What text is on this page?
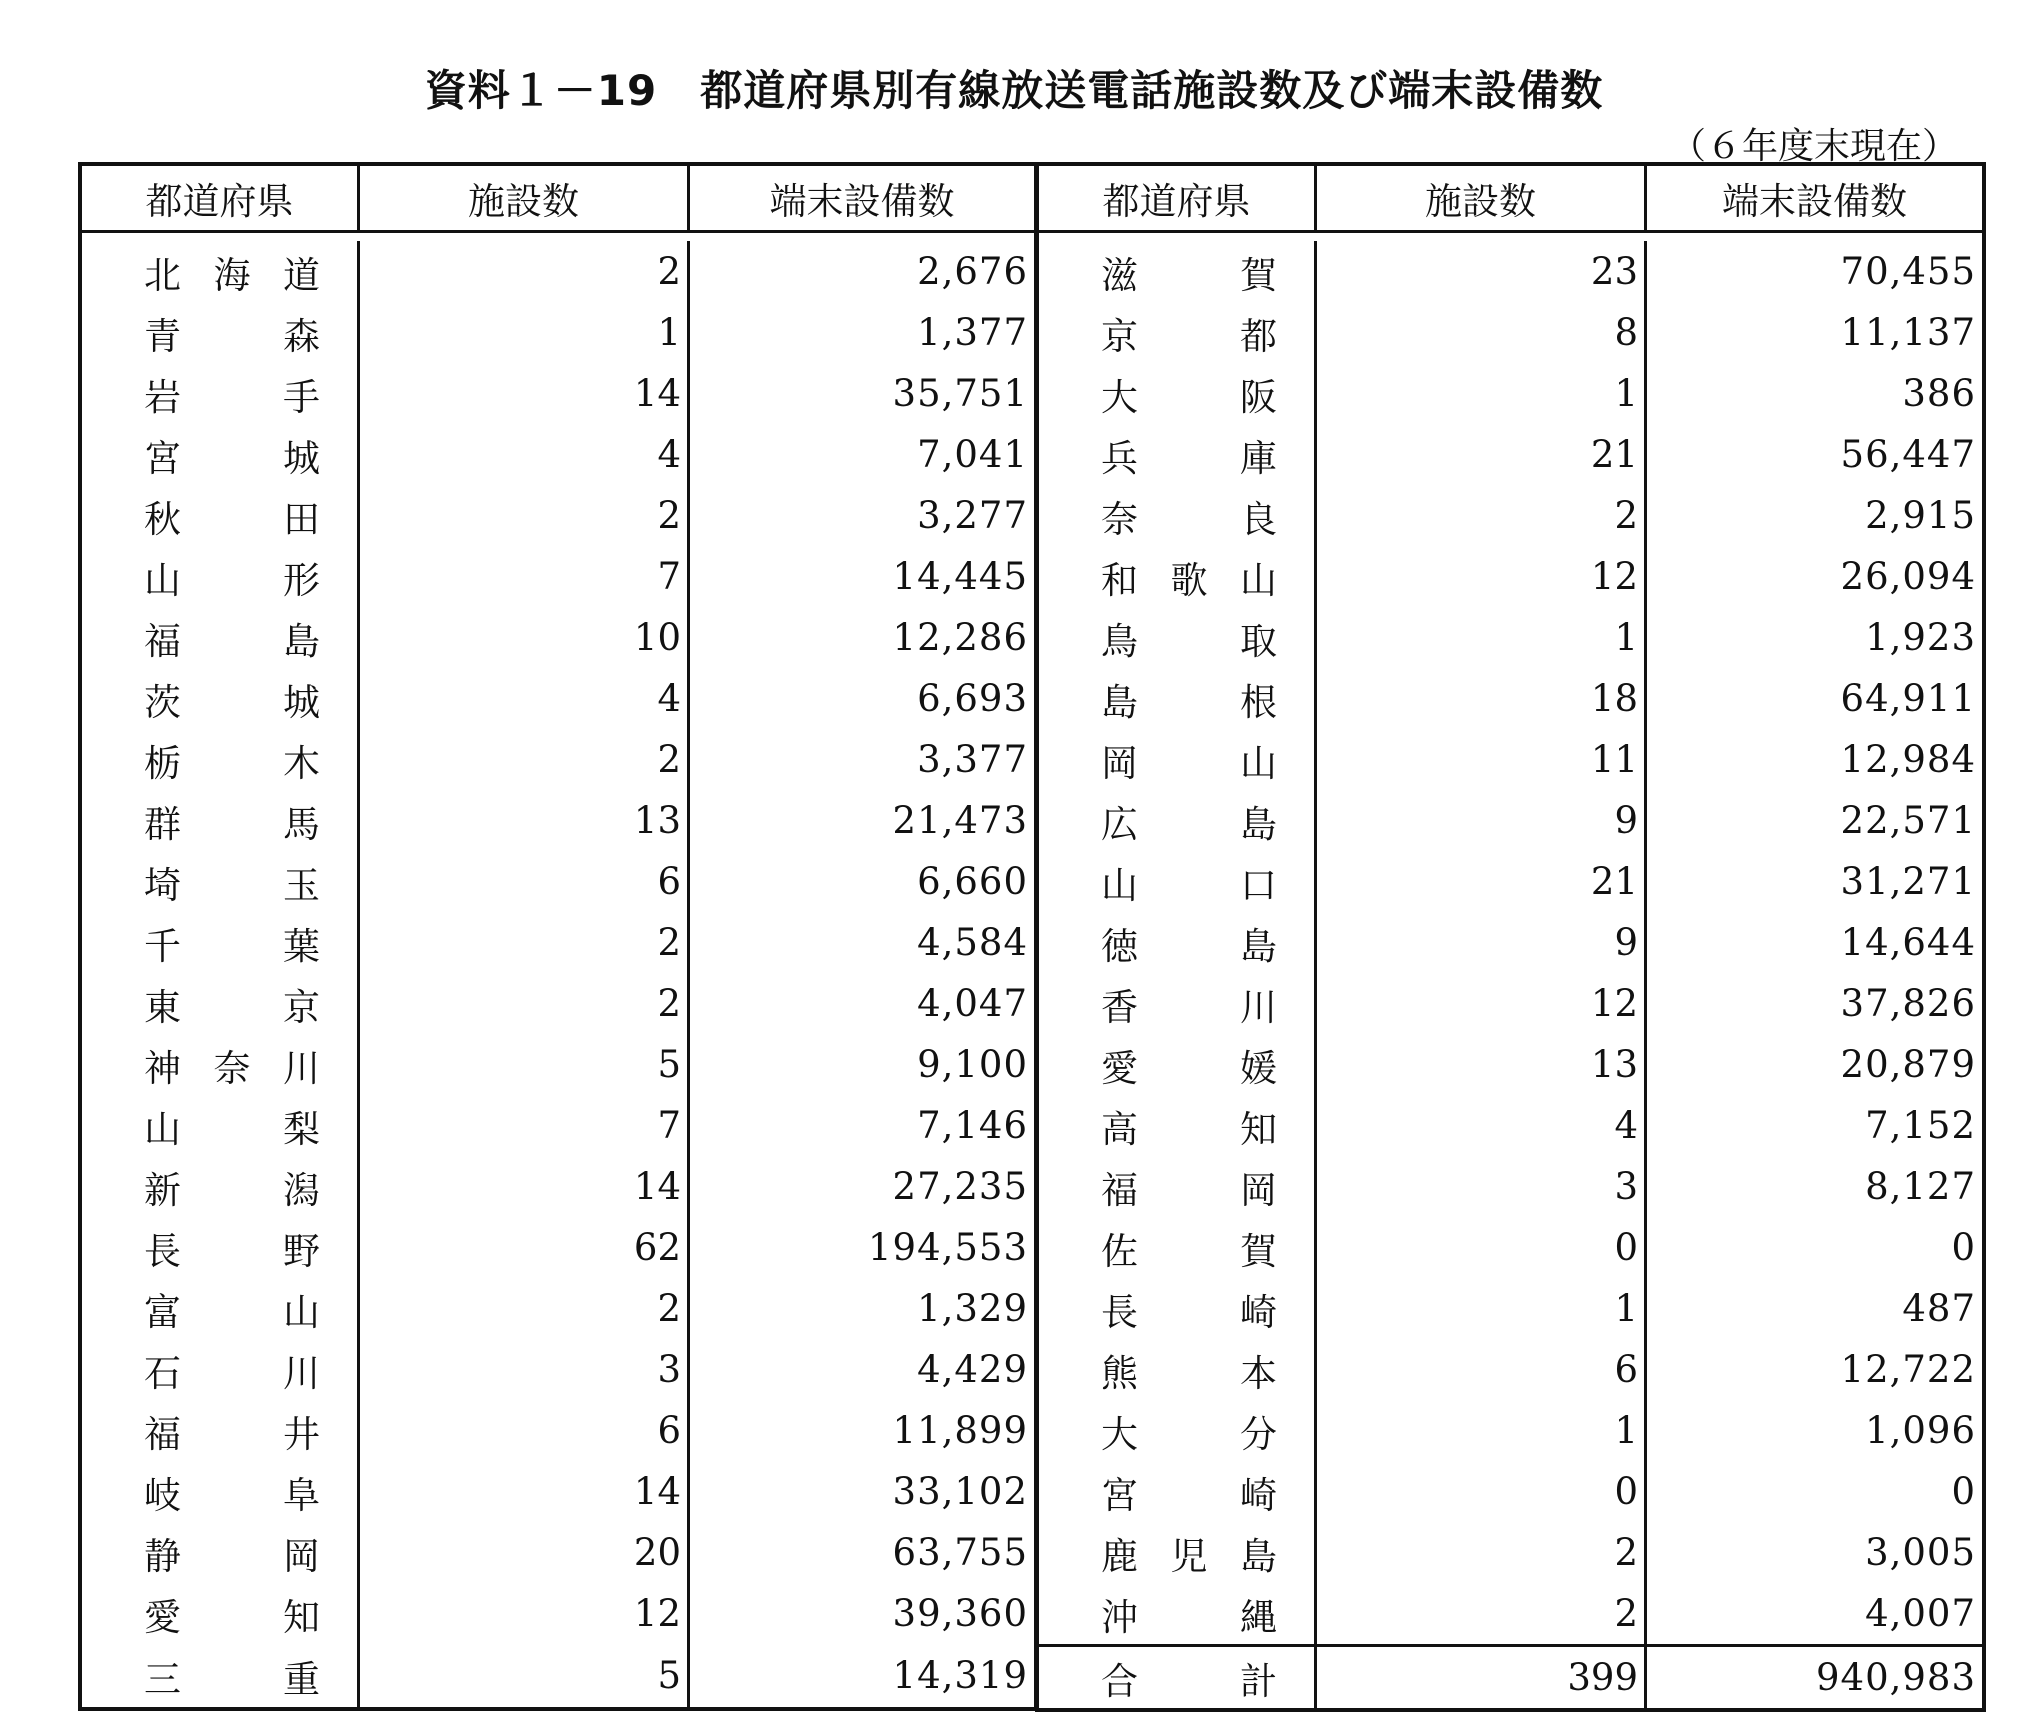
資料１－19　都道府県別有線放送電話施設数及び端末設備数
（６年度末現在）
都道府県	施設数	端末設備数
北海道	2	2,676
青森	1	1,377
岩手	14	35,751
宮城	4	7,041
秋田	2	3,277
山形	7	14,445
福島	10	12,286
茨城	4	6,693
栃木	2	3,377
群馬	13	21,473
埼玉	6	6,660
千葉	2	4,584
東京	2	4,047
神奈川	5	9,100
山梨	7	7,146
新潟	14	27,235
長野	62	194,553
富山	2	1,329
石川	3	4,429
福井	6	11,899
岐阜	14	33,102
静岡	20	63,755
愛知	12	39,360
三重	5	14,319
都道府県	施設数	端末設備数
滋賀	23	70,455
京都	8	11,137
大阪	1	386
兵庫	21	56,447
奈良	2	2,915
和歌山	12	26,094
鳥取	1	1,923
島根	18	64,911
岡山	11	12,984
広島	9	22,571
山口	21	31,271
徳島	9	14,644
香川	12	37,826
愛媛	13	20,879
高知	4	7,152
福岡	3	8,127
佐賀	0	0
長崎	1	487
熊本	6	12,722
大分	1	1,096
宮崎	0	0
鹿児島	2	3,005
沖縄	2	4,007
合計	399	940,983
